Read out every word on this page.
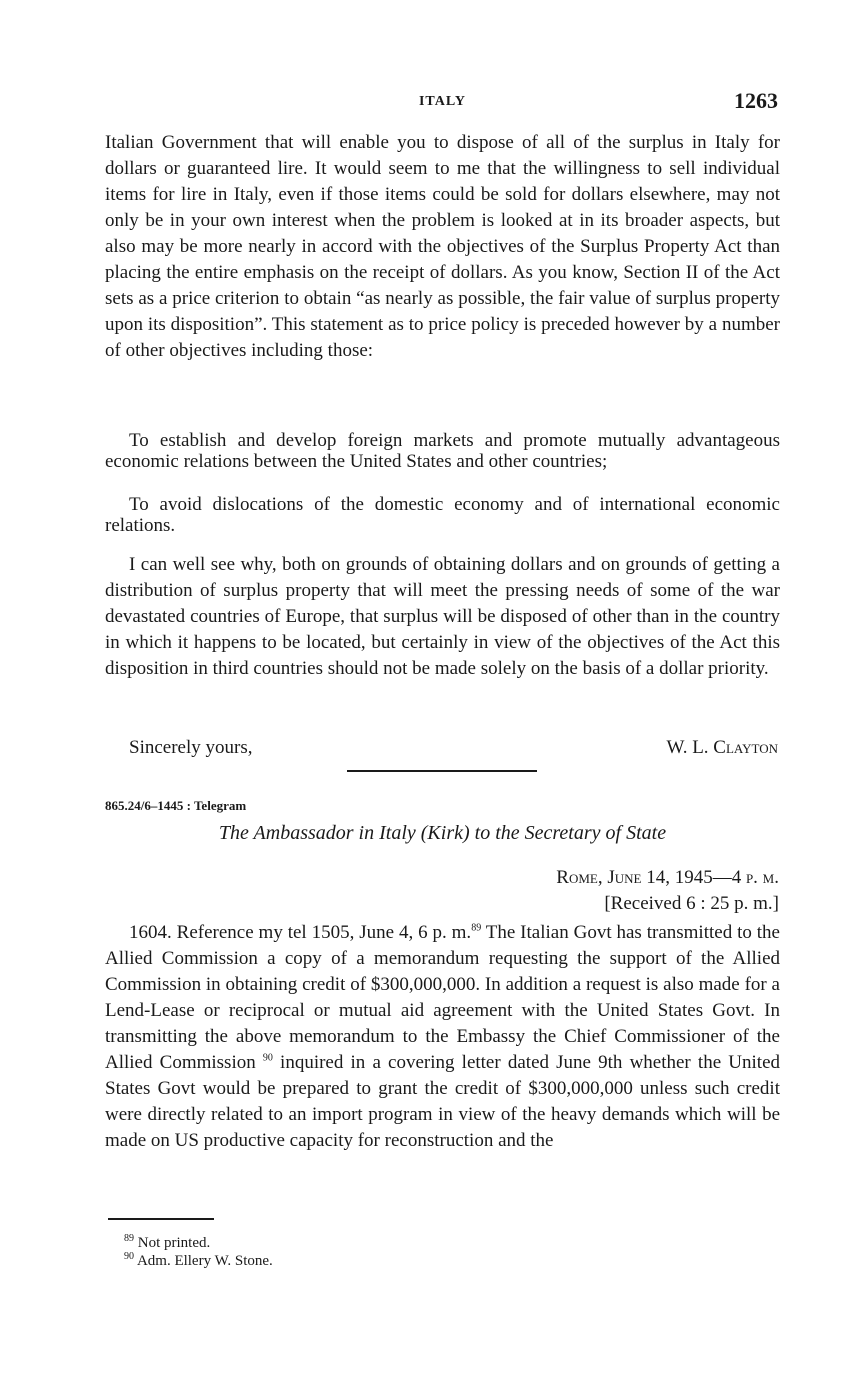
ITALY	1263

Italian Government that will enable you to dispose of all of the surplus in Italy for dollars or guaranteed lire. It would seem to me that the willingness to sell individual items for lire in Italy, even if those items could be sold for dollars elsewhere, may not only be in your own interest when the problem is looked at in its broader aspects, but also may be more nearly in accord with the objectives of the Surplus Property Act than placing the entire emphasis on the receipt of dollars. As you know, Section II of the Act sets as a price criterion to obtain “as nearly as possible, the fair value of surplus property upon its disposition”. This statement as to price policy is preceded however by a number of other objectives including those:

To establish and develop foreign markets and promote mutually advantageous economic relations between the United States and other countries;

To avoid dislocations of the domestic economy and of international economic relations.

I can well see why, both on grounds of obtaining dollars and on grounds of getting a distribution of surplus property that will meet the pressing needs of some of the war devastated countries of Europe, that surplus will be disposed of other than in the country in which it happens to be located, but certainly in view of the objectives of the Act this disposition in third countries should not be made solely on the basis of a dollar priority.

Sincerely yours,	W. L. Clayton
865.24/6–1445 : Telegram
The Ambassador in Italy (Kirk) to the Secretary of State
Rome, June 14, 1945—4 p. m.
[Received 6 : 25 p. m.]

1604. Reference my tel 1505, June 4, 6 p. m.$^{89}$ The Italian Govt has transmitted to the Allied Commission a copy of a memorandum requesting the support of the Allied Commission in obtaining credit of $300,000,000. In addition a request is also made for a Lend-Lease or reciprocal or mutual aid agreement with the United States Govt. In transmitting the above memorandum to the Embassy the Chief Commissioner of the Allied Commission $^{90}$ inquired in a covering letter dated June 9th whether the United States Govt would be prepared to grant the credit of $300,000,000 unless such credit were directly related to an import program in view of the heavy demands which will be made on US productive capacity for reconstruction and the

$^{89}$ Not printed.
$^{90}$ Adm. Ellery W. Stone.
